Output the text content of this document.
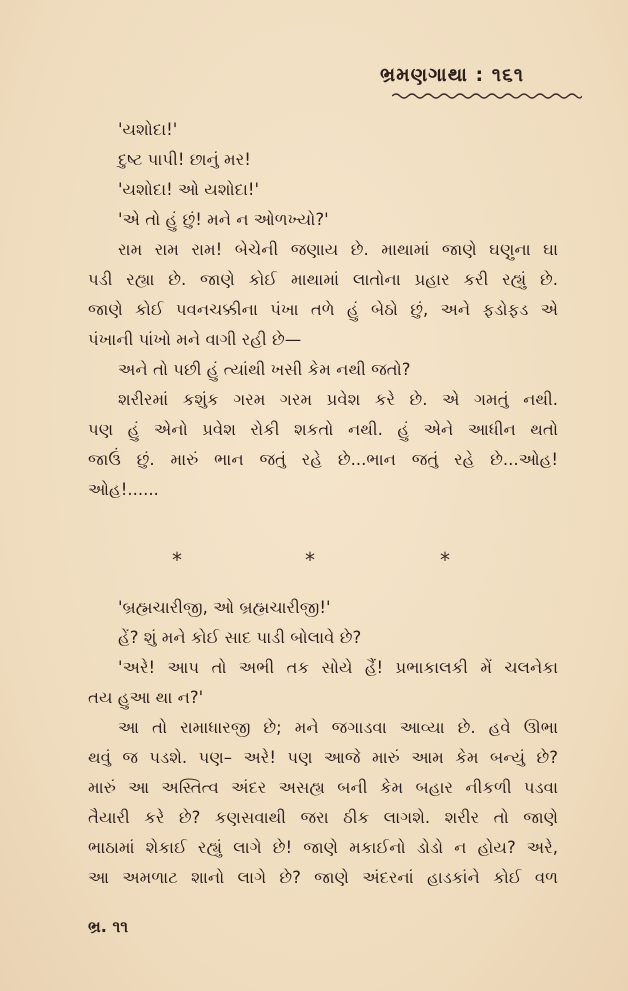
ભ્રમણગાથા : ૧૬૧
'યશોદા!'
દુષ્ટ પાપી! છાનું મર!
'યશોદા! ઓ યશોદા!'
'એ તો હું છું! મને ન ઓળખ્યો?'
રામ રામ રામ! બેચેની જણાય છે. માથામાં જાણે ઘણુના ઘા
પડી રહ્યા છે. જાણે કોઈ માથામાં લાતોના પ્રહાર કરી રહ્યું છે.
જાણે કોઈ પવનચક્કીના પંખા તળે હું બેઠો છું, અને ફડોફડ એ
પંખાની પાંખો મને વાગી રહી છે—
અને તો પછી હું ત્યાંથી ખસી કેમ નથી જતો?
શરીરમાં કશુંક ગરમ ગરમ પ્રવેશ કરે છે. એ ગમતું નથી.
પણ હું એનો પ્રવેશ રોકી શકતો નથી. હું એને આધીન થતો
જાઉં છું. મારું ભાન જતું રહે છે...ભાન જતું રહે છે...ઓહ!
ઓહ!......
*	*	*
'બ્રહ્મચારીજી, ઓ બ્રહ્મચારીજી!'
હેં? શું મને કોઈ સાદ પાડી બોલાવે છે?
'અરે! આપ તો અભી તક સોયે હૈં! પ્રભાકાલકી મેં ચલનેકા
તય હુઆ થા ન?'
આ તો રામાધારજી છે; મને જગાડવા આવ્યા છે. હવે ઊભા
થવું જ પડશે. પણ– અરે! પણ આજે મારું આમ કેમ બન્યું છે?
મારું આ અસ્તિત્વ અંદર અસહ્ય બની કેમ બહાર નીકળી પડવા
તૈયારી કરે છે? કણસવાથી જરા ઠીક લાગશે. શરીર તો જાણે
ભાઠામાં શેકાઈ રહ્યું લાગે છે! જાણે મકાઈનો ડોડો ન હોય? અરે,
આ અમળાટ શાનો લાગે છે? જાણે અંદરનાં હાડકાંને કોઈ વળ
ભ્ર. ૧૧
